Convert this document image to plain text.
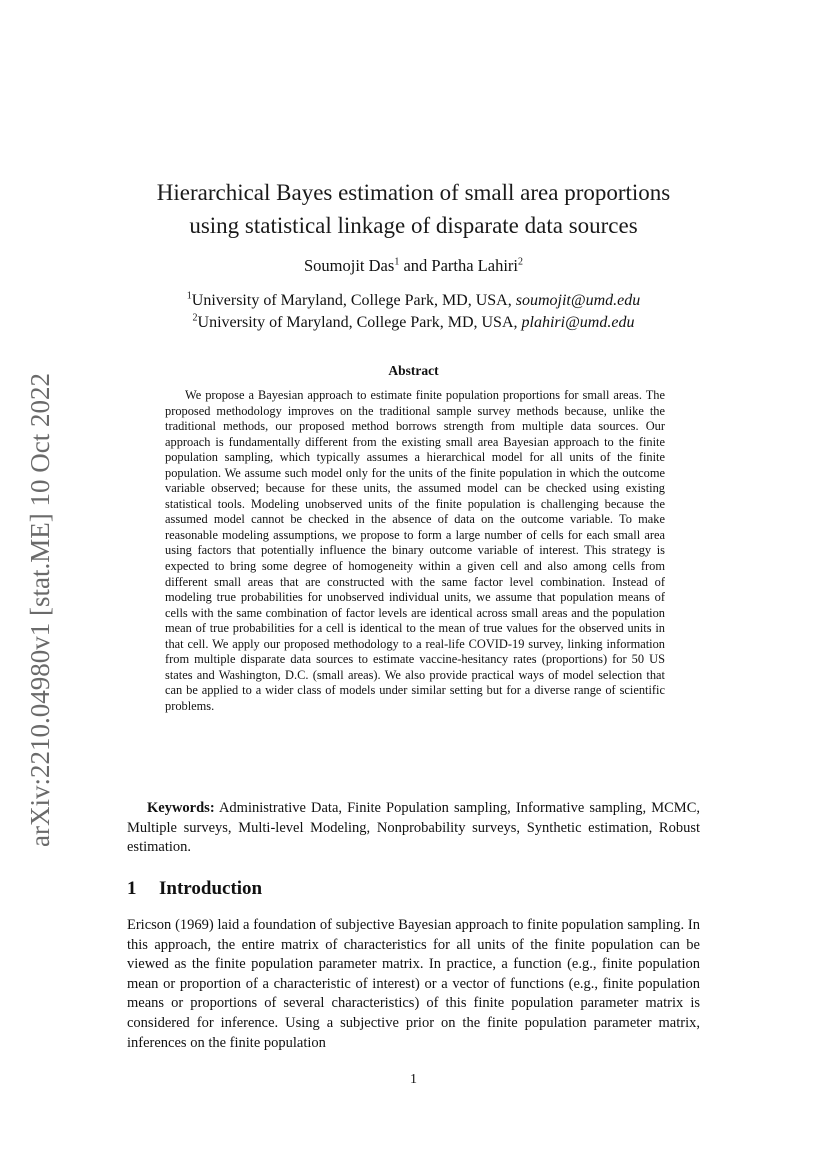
arXiv:2210.04980v1 [stat.ME] 10 Oct 2022
Hierarchical Bayes estimation of small area proportions
using statistical linkage of disparate data sources
Soumojit Das$^1$ and Partha Lahiri$^2$
$^1$University of Maryland, College Park, MD, USA, soumojit@umd.edu
$^2$University of Maryland, College Park, MD, USA, plahiri@umd.edu
Abstract
We propose a Bayesian approach to estimate finite population proportions for small areas. The proposed methodology improves on the traditional sample survey methods because, unlike the traditional methods, our proposed method borrows strength from multiple data sources. Our approach is fundamentally different from the existing small area Bayesian approach to the finite population sampling, which typically assumes a hierarchical model for all units of the finite population. We assume such model only for the units of the finite population in which the outcome variable observed; because for these units, the assumed model can be checked using existing statistical tools. Modeling unobserved units of the finite population is challenging because the assumed model cannot be checked in the absence of data on the outcome variable. To make reasonable modeling assumptions, we propose to form a large number of cells for each small area using factors that potentially influence the binary outcome variable of interest. This strategy is expected to bring some degree of homogeneity within a given cell and also among cells from different small areas that are constructed with the same factor level combination. Instead of modeling true probabilities for unobserved individual units, we assume that population means of cells with the same combination of factor levels are identical across small areas and the population mean of true probabilities for a cell is identical to the mean of true values for the observed units in that cell. We apply our proposed methodology to a real-life COVID-19 survey, linking information from multiple disparate data sources to estimate vaccine-hesitancy rates (proportions) for 50 US states and Washington, D.C. (small areas). We also provide practical ways of model selection that can be applied to a wider class of models under similar setting but for a diverse range of scientific problems.
Keywords: Administrative Data, Finite Population sampling, Informative sampling, MCMC, Multiple surveys, Multi-level Modeling, Nonprobability surveys, Synthetic estimation, Robust estimation.
1 Introduction
Ericson (1969) laid a foundation of subjective Bayesian approach to finite population sampling. In this approach, the entire matrix of characteristics for all units of the finite population can be viewed as the finite population parameter matrix. In practice, a function (e.g., finite population mean or proportion of a characteristic of interest) or a vector of functions (e.g., finite population means or proportions of several characteristics) of this finite population parameter matrix is considered for inference. Using a subjective prior on the finite population parameter matrix, inferences on the finite population
1
